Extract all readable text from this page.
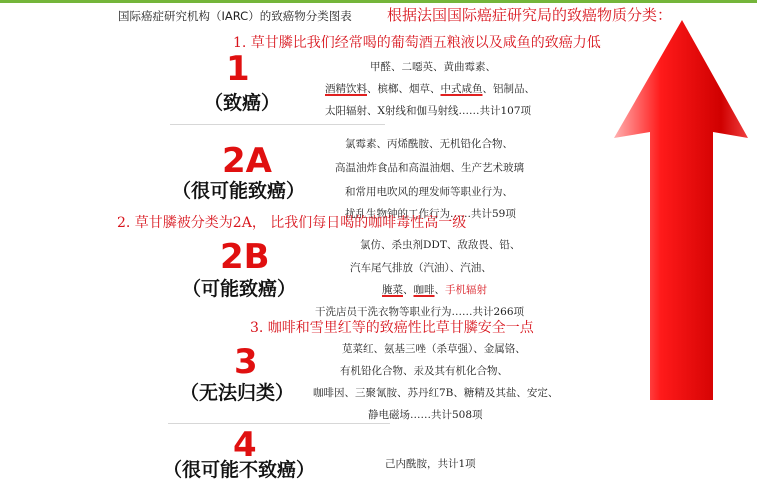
国际癌症研究机构（IARC）的致癌物分类图表 根据法国国际癌症研究局的致癌物质分类：
1
（致癌）
甲醛、二噁英、黄曲霉素、
酒精饮料、槟榔、烟草、中式咸鱼、铝制品、
太阳辐射、X射线和伽马射线……共计107项
2A
（很可能致癌）
氯霉素、丙烯酰胺、无机铅化合物、
高温油炸食品和高温油烟、生产艺术玻璃
和常用电吹风的理发师等职业行为、
扰乱生物钟的工作行为……共计59项
2. 草甘膦被分类为2A， 比我们每日喝的咖啡毒性高一级
2B
（可能致癌）
氯仿、杀虫剂DDT、敌敌畏、铅、
汽车尾气排放（汽油）、汽油、
腌菜、咖啡、手机辐射
干洗店员干洗衣物等职业行为……共计266项
3. 咖啡和雪里红等的致癌性比草甘膦安全一点
3
（无法归类）
苋菜红、氨基三唑（杀草强）、金属铬、
有机铅化合物、汞及其有机化合物、
咖啡因、三聚氰胺、苏丹红7B、糖精及其盐、安定、
静电磁场……共计508项
4
（很可能不致癌）	己内酰胺，共计1项
1. 草甘膦比我们经常喝的葡萄酒五粮液以及咸鱼的致癌力低
